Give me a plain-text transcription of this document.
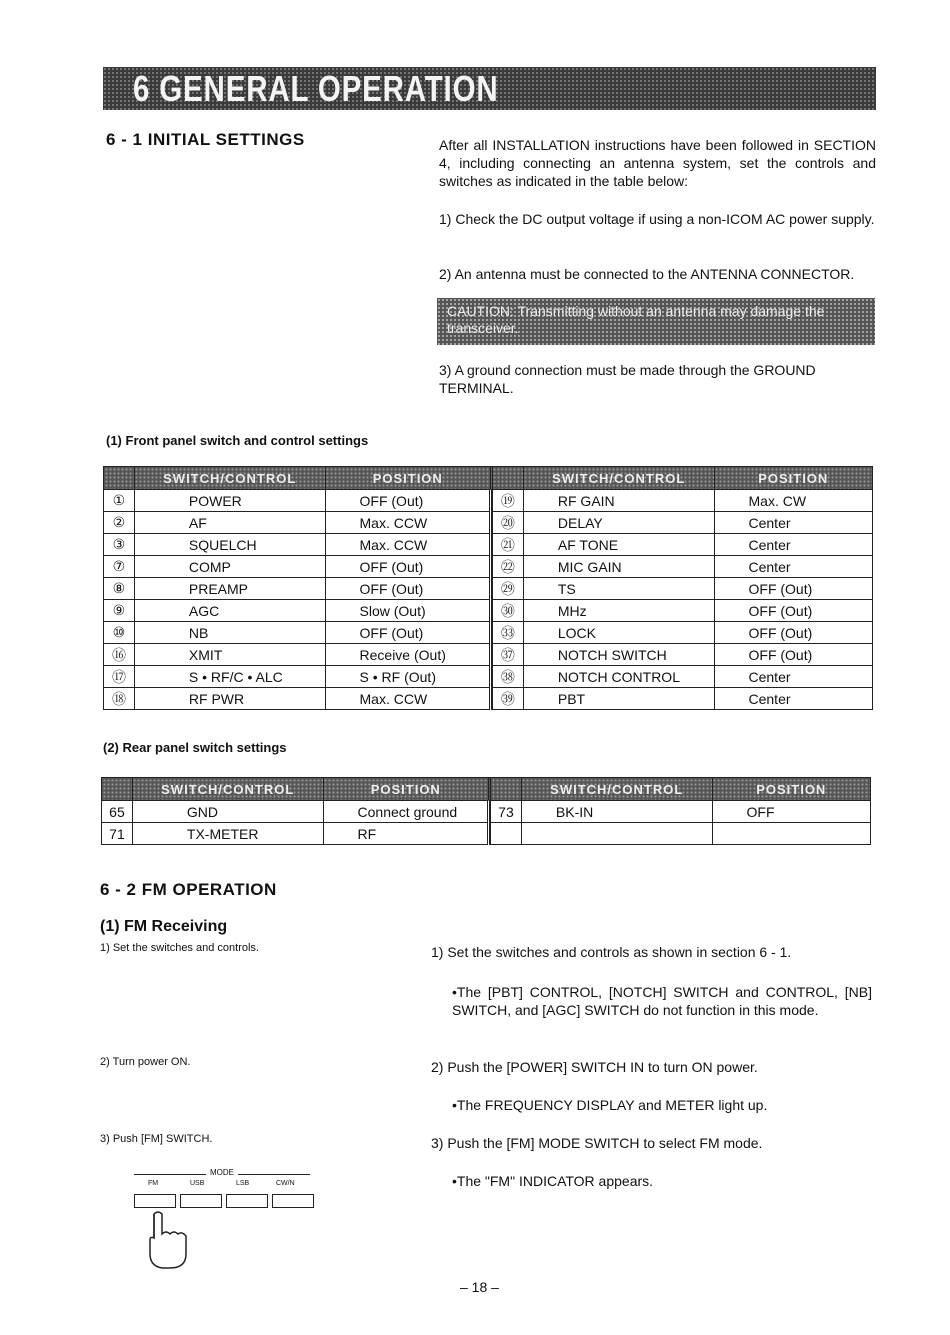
6 GENERAL OPERATION
6 - 1 INITIAL SETTINGS	After all INSTALLATION instructions have been followed in SECTION 4, including connecting an antenna system, set the controls and switches as indicated in the table below:
1) Check the DC output voltage if using a non-ICOM AC power supply.
2) An antenna must be connected to the ANTENNA CONNECTOR.
CAUTION: Transmitting without an antenna may damage the transceiver.
3) A ground connection must be made through the GROUND TERMINAL.
(1) Front panel switch and control settings
	SWITCH/CONTROL	POSITION			SWITCH/CONTROL	POSITION
①	POWER	OFF (Out)		⑲	RF GAIN	Max. CW
②	AF	Max. CCW		⑳	DELAY	Center
③	SQUELCH	Max. CCW		㉑	AF TONE	Center
⑦	COMP	OFF (Out)		㉒	MIC GAIN	Center
⑧	PREAMP	OFF (Out)		㉙	TS	OFF (Out)
⑨	AGC	Slow (Out)		㉚	MHz	OFF (Out)
⑩	NB	OFF (Out)		㉝	LOCK	OFF (Out)
⑯	XMIT	Receive (Out)		㊲	NOTCH SWITCH	OFF (Out)
⑰	S • RF/C • ALC	S • RF (Out)		㊳	NOTCH CONTROL	Center
⑱	RF PWR	Max. CCW		㊴	PBT	Center
(2) Rear panel switch settings
	SWITCH/CONTROL	POSITION			SWITCH/CONTROL	POSITION
65	GND	Connect ground		73	BK-IN	OFF
71	TX-METER	RF				
6 - 2 FM OPERATION
(1) FM Receiving
1) Set the switches and controls.
2) Turn power ON.
3) Push [FM] SWITCH.
1) Set the switches and controls as shown in section 6 - 1.
•The [PBT] CONTROL, [NOTCH] SWITCH and CONTROL, [NB] SWITCH, and [AGC] SWITCH do not function in this mode.
2) Push the [POWER] SWITCH IN to turn ON power.
•The FREQUENCY DISPLAY and METER light up.
3) Push the [FM] MODE SWITCH to select FM mode.
•The "FM" INDICATOR appears.
MODE
FM	USB	LSB	CW/N
– 18 –
